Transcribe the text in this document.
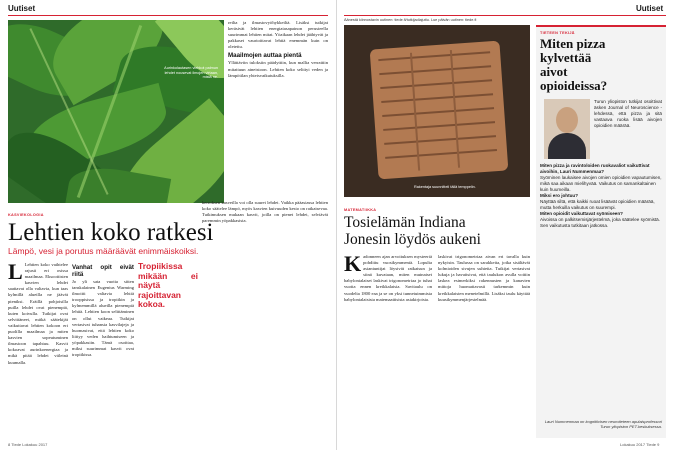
Uutiset
Aurinkolautasen viehkot palmun lehdet nousevat ilmojen virtaan, mistä ne.
KASVIEKOLOGIA
Lehtien koko ratkesi
Lämpö, vesi ja porutus määräävät enimmäiskoiksi.
L Lehtien koko vaihtelee rajusti eri osissa maailmaa. Eksoottisten kasvien lehdet saattavat olla valtavia, kun taas kylmillä alueilla ne jäävät pieniksi. Eräillä pohjoisilla puilla lehdet ovat pienempiä, kuten koivulla. Tutkijat ovat selvittäneet, mitkä säätekijät vaikuttavat lehtien kokoon eri puolilla maailmaa ja miten kasvien sopeutuminen ilmastoon tapahtuu. Kasvit kokoavat aurinkoenergiaa ja mikä pitää lehdet viileinä kuumalla.
Vanhat opit eivät riitä
Jo yli sata vuotta sitten tanskalainen Eugenius Warming ilmoitti valtavia lehtiä trooppisissa ja tropiikin ja kylmemmillä alueilla pienempiä lehtiä. Lehtien koon selittäminen on ollut vaikeaa. Tutkijat vertasivat tuhansia kasvilajeja ja huomasivat, että lehtien koko liittyy veden haihtumiseen ja yöpakkasiin. Tämä osoittaa, miksi suurimmat kasvit ovat tropiikissa.
reilta ja ilmastovyöhykkeiltä. Lisäksi tutkijat keräsivät lehtien energiatasapainon perusteella suurimmat lehtien mitat. Yöaikaan lehdet jäähtyvät ja pakkaset vaurioittavat lehtiä enemmän kuin on oletettu.
Maailmojen auttaa pientä
Yllättäviin tuloksiin päädyttiin, kun mallia verrattiin mitattuun aineistoon. Lehtien koko selittyi veden ja lämpötilan yhteisvaikutuksilla.
Tropiikissa mikään ei näytä rajoittavan kokoa.
kerroksen kasveilla voi olla suuret lehdet. Vaikka pääasiassa lehtien koko säätelee lämpö, myös kasvien kuivuuden kesto on ratkaisevaa. Tutkimuksen mukaan kasvit, joilla on pienet lehdet, selviävät paremmin yöpakkasista.
8 Tiede Lokakuu 2017
Uutiset
Äänestä kiinnostavin uutinen: tiede.fi/tutkijadiajuttu. Lue päivän uutinen: tiede.fi
Rakentaja suunnitteli tällä temppelin.
MATEMATIIKKA
Tosielämän Indiana
Jonesin löydös aukeni
Kadonneen ajan arvoituksen mysteeriä pohdittu vuosikymmeniä. Lopulta asiantuntijat löysivät ratkaisun ja siinä kuvataan, miten muinaiset babylonialaiset laskivat trigonometriaa jo tuhat vuotta ennen kreikkalaisia. Savitaulu on vuodelta 1800 eaa ja se on yksi tunnetuimmista babylonialaisista matemaattisista asiakirjoista.
laskivat trigonometriaa aivan eri tavalla kuin nykyisin. Taulussa on sarakkeita, jotka sisältävät kolmioiden sivujen suhteita. Tutkijat vertasivat lukuja ja havaitsivat, että taulukon avulla voitiin laskea esimerkiksi rakennusten ja kanavien mittoja huomattavasti tarkemmin kuin kreikkalaisten menetelmillä. Lisäksi taulu käyttää kuusikymmenjärjestelmää.
TIETEEN TEKIJÄ
Miten pizza kylvettää aivot opioideissa?
Turun yliopiston tutkijat osoittivat äsken Journal of Neuroscience -lehdessä, että pizza ja sitä vastaava ruoka lisää aivojen opioidien määrää.
Miten pizza ja ravintoloiden ruokavaliot vaikuttivat aivoihin, Lauri Nummenmaa?
Syöminen laukaisee aivojen omien opioidien vapautumisen, mikä saa aikaan mielihyvää. Vaikutus on samankaltainen kuin huumeilla.
Miksi ero johtuu?
Näyttää siltä, että kaikki ruoat lisäävät opioidien määrää, mutta herkuilla vaikutus on suurempi.
Miten opioidit vaikuttavat syömiseen?
Aivoissa on palkitsemisjärjestelmä, joka säätelee syömistä. Sen vaikutusta tutkitaan jatkossa.
Lauri Nummenmaa on kognitiivisen neurotieteen apulaisprofessori Turun yliopiston PET-keskuksessa.
Lokakuu 2017 Tiede 9
